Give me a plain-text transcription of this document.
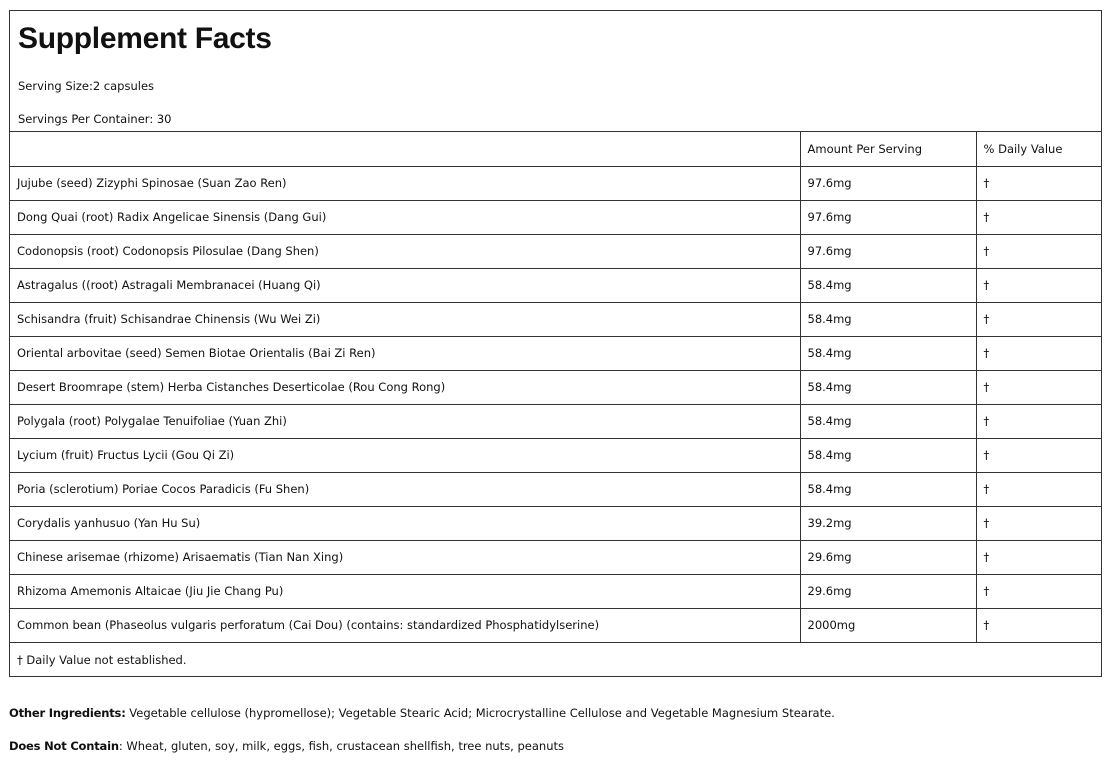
Supplement Facts

Serving Size:2 capsules

Servings Per Container: 30

	Amount Per Serving	% Daily Value
Jujube (seed) Zizyphi Spinosae (Suan Zao Ren)	97.6mg	†
Dong Quai (root) Radix Angelicae Sinensis (Dang Gui)	97.6mg	†
Codonopsis (root) Codonopsis Pilosulae (Dang Shen)	97.6mg	†
Astragalus ((root) Astragali Membranacei (Huang Qi)	58.4mg	†
Schisandra (fruit) Schisandrae Chinensis (Wu Wei Zi)	58.4mg	†
Oriental arbovitae (seed) Semen Biotae Orientalis (Bai Zi Ren)	58.4mg	†
Desert Broomrape (stem) Herba Cistanches Deserticolae (Rou Cong Rong)	58.4mg	†
Polygala (root) Polygalae Tenuifoliae (Yuan Zhi)	58.4mg	†
Lycium (fruit) Fructus Lycii (Gou Qi Zi)	58.4mg	†
Poria (sclerotium) Poriae Cocos Paradicis (Fu Shen)	58.4mg	†
Corydalis yanhusuo (Yan Hu Su)	39.2mg	†
Chinese arisemae (rhizome) Arisaematis (Tian Nan Xing)	29.6mg	†
Rhizoma Amemonis Altaicae (Jiu Jie Chang Pu)	29.6mg	†
Common bean (Phaseolus vulgaris perforatum (Cai Dou) (contains: standardized Phosphatidylserine)	2000mg	†
† Daily Value not established.
Other Ingredients: Vegetable cellulose (hypromellose); Vegetable Stearic Acid; Microcrystalline Cellulose and Vegetable Magnesium Stearate.
Does Not Contain: Wheat, gluten, soy, milk, eggs, fish, crustacean shellfish, tree nuts, peanuts
